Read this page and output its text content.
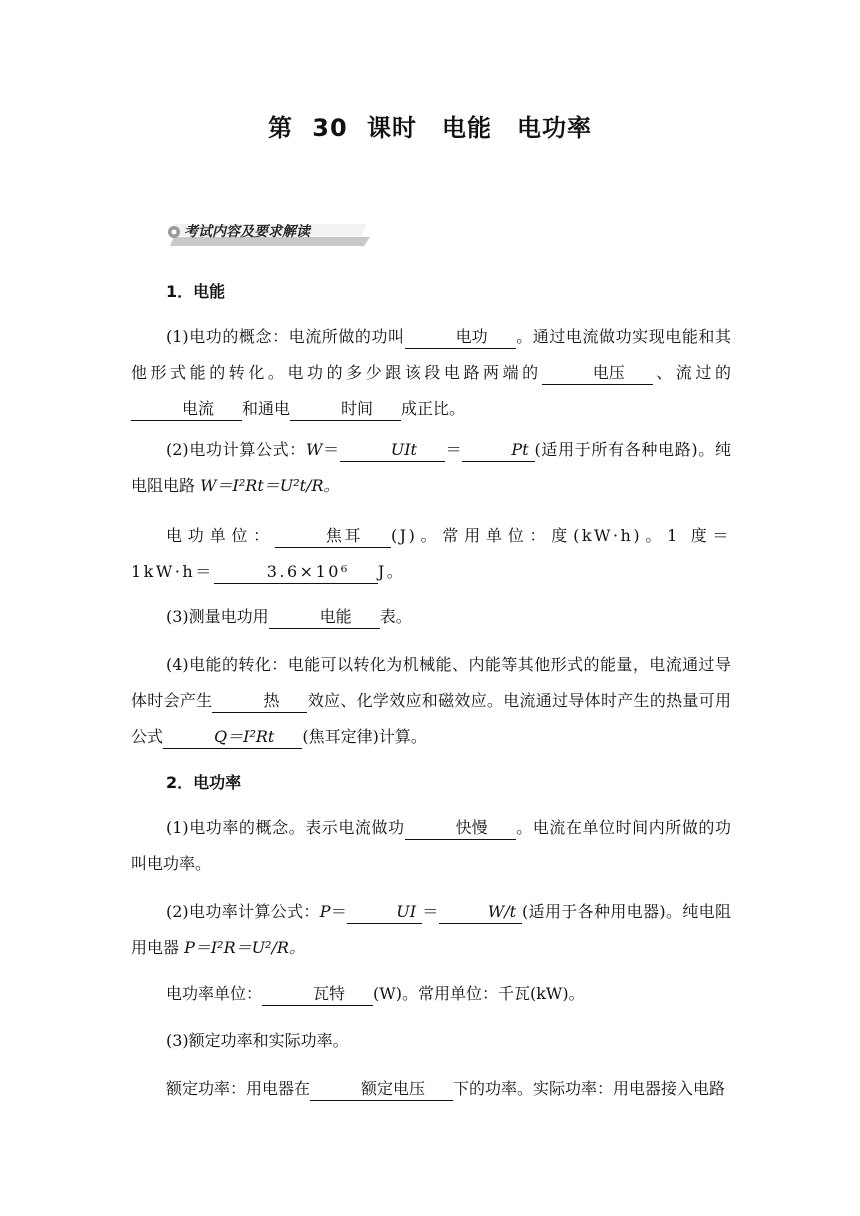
第 30 课时　电能　电功率
考试内容及要求解读
1．电能
(1)电功的概念：电流所做的功叫	电功 。通过电流做功实现电能和其他形式能的转化。电功的多少跟该段电路两端的	电压 、流过的电流 和通电	时间 成正比。
(2)电功计算公式：W＝	UIt ＝	Pt (适用于所有各种电路)。纯电阻电路 W＝I²Rt＝U²t/R。
电功单位：	焦耳 (J)。常用单位：度(kW·h)。1 度＝1kW·h＝	3.6×10⁶ J。
(3)测量电功用	电能 表。
(4)电能的转化：电能可以转化为机械能、内能等其他形式的能量，电流通过导体时会产生	热 效应、化学效应和磁效应。电流通过导体时产生的热量可用公式	Q＝I²Rt (焦耳定律)计算。
2．电功率
(1)电功率的概念。表示电流做功	快慢 。电流在单位时间内所做的功叫电功率。
(2)电功率计算公式：P＝	UI ＝	W/t (适用于各种用电器)。纯电阻用电器 P＝I²R＝U²/R。
电功率单位：	瓦特 (W)。常用单位：千瓦(kW)。
(3)额定功率和实际功率。
额定功率：用电器在	额定电压 下的功率。实际功率：用电器接入电路
